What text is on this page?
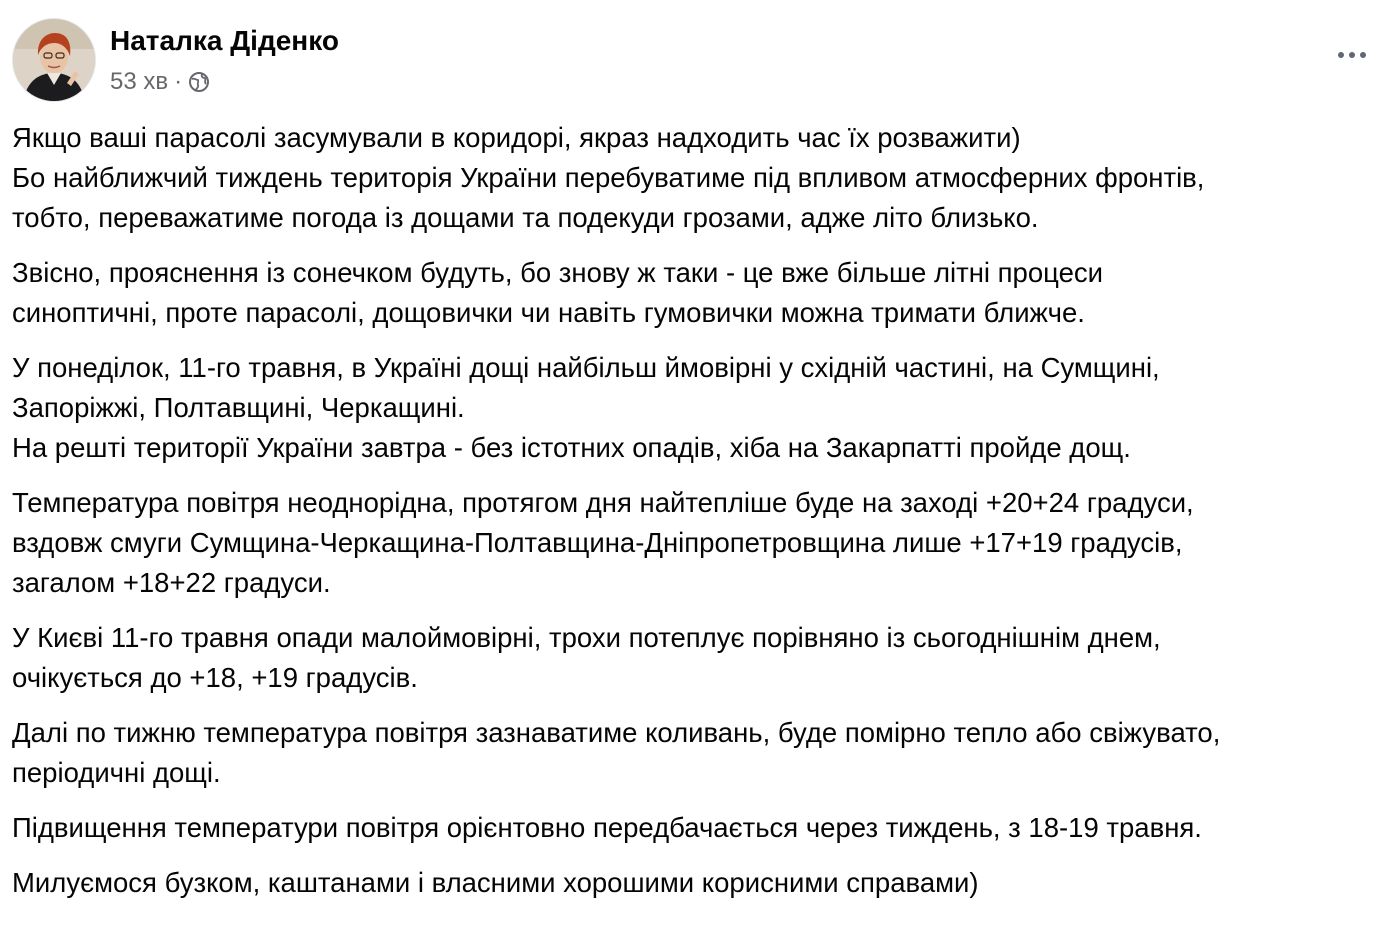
Наталка Діденко
53 хв ·

Якщо ваші парасолі засумували в коридорі, якраз надходить час їх розважити)
Бо найближчий тиждень територія України перебуватиме під впливом атмосферних фронтів,
тобто, переважатиме погода із дощами та подекуди грозами, адже літо близько.

Звісно, прояснення із сонечком будуть, бо знову ж таки - це вже більше літні процеси
синоптичні, проте парасолі, дощовички чи навіть гумовички можна тримати ближче.

У понеділок, 11-го травня, в Україні дощі найбільш ймовірні у східній частині, на Сумщині,
Запоріжжі, Полтавщині, Черкащині.
На решті території України завтра - без істотних опадів, хіба на Закарпатті пройде дощ.

Температура повітря неоднорідна, протягом дня найтепліше буде на заході +20+24 градуси,
вздовж смуги Сумщина-Черкащина-Полтавщина-Дніпропетровщина лише +17+19 градусів,
загалом +18+22 градуси.

У Києві 11-го травня опади малоймовірні, трохи потеплує порівняно із сьогоднішнім днем,
очікується до +18, +19 градусів.

Далі по тижню температура повітря зазнаватиме коливань, буде помірно тепло або свіжувато,
періодичні дощі.

Підвищення температури повітря орієнтовно передбачається через тиждень, з 18-19 травня.

Милуємося бузком, каштанами і власними хорошими корисними справами)
